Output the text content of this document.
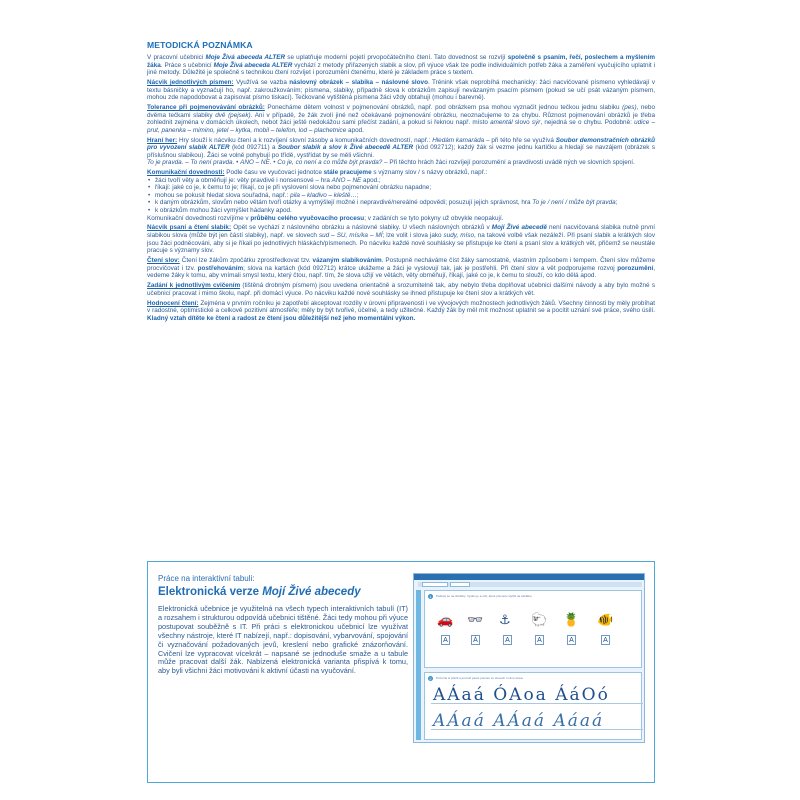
METODICKÁ POZNÁMKA

V pracovní učebnici Moje Živá abeceda ALTER se uplatňuje moderní pojetí prvopočátečního čtení. Tato dovednost se rozvíjí společně s psaním, řečí, poslechem a myšlením žáka. Práce s učebnicí Moje Živá abeceda ALTER vychází z metody přiřazených slabik a slov, při výuce však lze podle individuálních potřeb žáka a zaměření vyučujícího uplatnit i jiné metody. Důležité je společně s technikou čtení rozvíjet i porozumění čtenému, které je základem práce s textem.

Nácvik jednotlivých písmen: Využívá se vazba náslovný obrázek – slabika – náslovné slovo. Trénink však neprobíhá mechanicky: žáci nacvičované písmeno vyhledávají v textu básničky a vyznačují ho, např. zakroužkováním; písmena, slabiky, případně slova k obrázkům zapisují nevázaným psacím písmem (pokud se učí psát vázaným písmem, mohou zde napodobovat a zapisovat písmo tiskací). Tečkované vytištěná písmena žáci vždy obtahují (mohou i barevně).

Tolerance při pojmenovávání obrázků: Ponecháme dětem volnost v pojmenování obrázků, např. pod obrázkem psa mohou vyznačit jednou tečkou jednu slabiku (pes), nebo dvěma tečkami slabiky dvě (pejsek). Ani v případě, že žák zvolí jiné než očekávané pojmenování obrázku, neoznačujeme to za chybu. Různost pojmenování obrázků je třeba zohlednit zejména v domácích úkolech, nebot žáci ještě nedokážou sami přečíst zadání, a pokud si řeknou např. místo amentál slovo sýr, nejedná se o chybu. Podobně: udice – prut, panenka – mimino, jetel – kytka, mobil – telefon, lod – plachetnice apod.

Hraní her: Hry slouží k nácviku čtení a k rozvíjení slovní zásoby a komunikačních dovedností, např.: Hledám kamaráda – při této hře se využívá Soubor demonstračních obrázků pro vyvození slabik ALTER (kód 092711) a Soubor slabik a slov k Živé abecedě ALTER (kód 092712); každý žák si vezme jednu kartičku a hledají se navzájem (obrázek s příslušnou slabikou). Žáci se volně pohybují po třídě, vystřídat by se měli všichni.
To je pravda. – To není pravda. • ANO – NE. • Co je, co není a co může být pravda? – Při těchto hrách žáci rozvíjejí porozumění a pravdivosti uvádě ných ve slovních spojení.

Komunikační dovednosti: Podle času ve vyučovací jednotce stále pracujeme s významy slov / s názvy obrázků, např.:
• žáci tvoří věty a obměňují je: věty pravdivé i nonsensové – hra ANO – NE apod.;
• říkají: jaké co je, k čemu to je; říkají, co je při vyslovení slova nebo pojmenování obrázku napadne;
• mohou se pokusit hledat slova souřadná, např.: pila – kladivo – kleště…;
• k daným obrázkům, slovům nebo větám tvoří otázky a vymýšlejí možné i nepravdivé/nereálné odpovědi; posuzují jejich správnost, hra To je / není / může být pravda;
• k obrázkům mohou žáci vymýšlet hádanky apod.

Komunikační dovednosti rozvíjíme v průběhu celého vyučovacího procesu; v zadáních se tyto pokyny už obvykle neopakují.

Nácvik psaní a čtení slabik: Opět se vychází z náslovného obrázku a náslovné slabiky. U všech náslovných obrázků v Mojí Živé abecedě není nacvičovaná slabika nutně první slabikou slova (může být jen částí slabiky), např. ve slovech sud – SU, mís/ka – MÍ; lze volit i slova jako sudy, míso, na takové volbě však nezáleží. Při psaní slabik a krátkých slov jsou žáci podněcováni, aby si je říkali po jednotlivých hláskách/písmenech. Po nácviku každé nové souhlásky se přistupuje ke čtení a psaní slov a krátkých vět, přičemž se neustále pracuje s významy slov.

Čtení slov: Čtení lze žákům zpočátku zprostředkovat tzv. vázaným slabikováním. Postupně necháváme číst žáky samostatně, vlastním způsobem i tempem. Čtení slov můžeme procvičovat i tzv. postřehováním; slova na kartách (kód 092712) krátce ukážeme a žáci je vyslovují tak, jak je postřehli. Při čtení slov a vět podporujeme rozvoj porozumění, vedeme žáky k tomu, aby vnímali smysl textu, který čtou, např. tím, že slova užijí ve větách, věty obměňují, říkají, jaké co je, k čemu to slouží, co kdo dělá apod.

Zadání k jednotlivým cvičením (tištěná drobným písmem) jsou uvedena orientačně a srozumitelně tak, aby nebylo třeba doplňovat učebnici dalšími návody a aby bylo možné s učebnicí pracovat i mimo školu, např. při domácí výuce. Po nácviku každé nové souhlásky se ihned přistupuje ke čtení slov a krátkých vět.

Hodnocení čtení: Zejména v prvním ročníku je zapotřebí akceptovat rozdíly v úrovni připravenosti i ve vývojových možnostech jednotlivých žáků. Všechny činnosti by měly probíhat v radostné, optimistické a celkově pozitivní atmosféře; měly by být tvořivé, účelné, a tedy užitečné. Každý žák by měl mít možnost uplatnit se a pocítit uznání své práce, svého úsilí. Kladný vztah dítěte ke čtení a radost ze čtení jsou důležitější než jeho momentální výkon.

Práce na interaktivní tabuli:
Elektronická verze Mojí Živé abecedy
Elektronická učebnice je využitelná na všech typech interaktivních tabulí (IT) a rozsahem i strukturou odpovídá učebnici tištěné. Žáci tedy mohou při výuce postupovat souběžně s IT. Při práci s elektronickou učebnicí lze využívat všechny nástroje, které IT nabízejí, např.: dopisování, vybarvování, spojování či vyznačování požadovaných jevů, kreslení nebo grafické znázorňování. Cvičení lze vypracovat vícekrát – napsané se jednoduše smaže a u tabule může pracovat další žák. Nabízená elektronická varianta přispívá k tomu, aby byli všichni žáci motivováni k aktivní účasti na vyučování.
1	Podívej se na obrázky. Vyslov je a urči, které písmeno slyšíš na začátku.
🚗 👓 ⚓ 🐑 🍍 🐠
A	Á	A	A	A	A
2	Pozorně si přečti a procvič psaní písmen ve slovech i mimo slova.
AÁaá ÓAoa ÁáOó
AÁaá AÁaá Aáaá
